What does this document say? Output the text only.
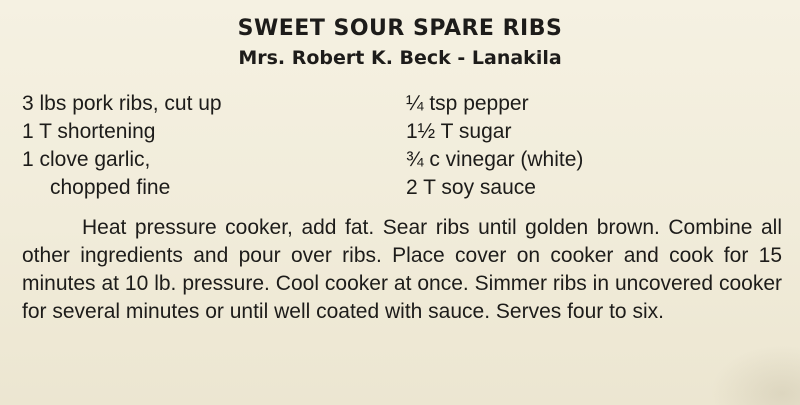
SWEET SOUR SPARE RIBS
Mrs. Robert K. Beck - Lanakila
3 lbs pork ribs, cut up
1 T shortening
1 clove garlic,
chopped fine
¼ tsp pepper
1½ T sugar
¾ c vinegar (white)
2 T soy sauce

Heat pressure cooker, add fat. Sear ribs until golden brown. Combine all other ingredients and pour over ribs. Place cover on cooker and cook for 15 minutes at 10 lb. pressure. Cool cooker at once. Simmer ribs in uncovered cooker for several minutes or until well coated with sauce. Serves four to six.
